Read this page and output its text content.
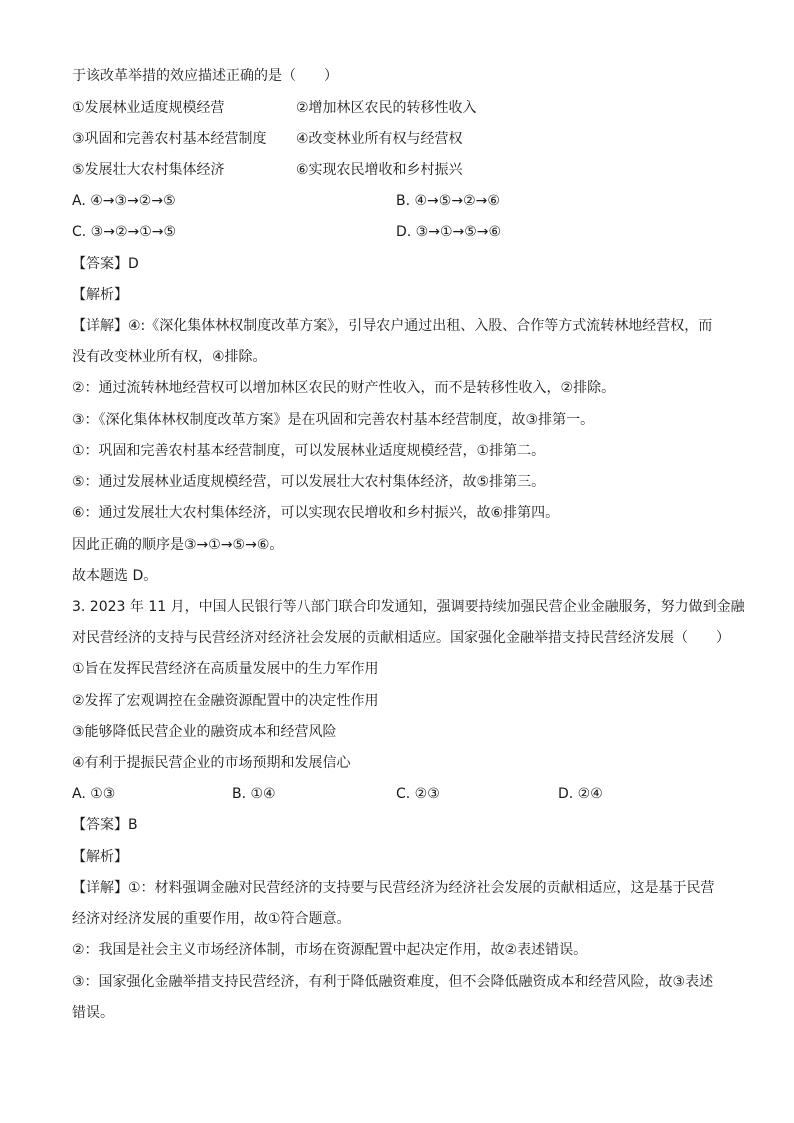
于该改革举措的效应描述正确的是（　　）
①发展林业适度规模经营	②增加林区农民的转移性收入
③巩固和完善农村基本经营制度 ④改变林业所有权与经营权
⑤发展壮大农村集体经济	⑥实现农民增收和乡村振兴
A. ④→③→②→⑤	B. ④→⑤→②→⑥
C. ③→②→①→⑤	D. ③→①→⑤→⑥
【答案】D
【解析】
【详解】④:《深化集体林权制度改革方案》，引导农户通过出租、入股、合作等方式流转林地经营权，而
没有改变林业所有权，④排除。
②：通过流转林地经营权可以增加林区农民的财产性收入，而不是转移性收入，②排除。
③：《深化集体林权制度改革方案》是在巩固和完善农村基本经营制度，故③排第一。
①：巩固和完善农村基本经营制度，可以发展林业适度规模经营，①排第二。
⑤：通过发展林业适度规模经营，可以发展壮大农村集体经济，故⑤排第三。
⑥：通过发展壮大农村集体经济，可以实现农民增收和乡村振兴，故⑥排第四。
因此正确的顺序是③→①→⑤→⑥。
故本题选 D。
3. 2023 年 11 月，中国人民银行等八部门联合印发通知，强调要持续加强民营企业金融服务，努力做到金融
对民营经济的支持与民营经济对经济社会发展的贡献相适应。国家强化金融举措支持民营经济发展（　　）
①旨在发挥民营经济在高质量发展中的生力军作用
②发挥了宏观调控在金融资源配置中的决定性作用
③能够降低民营企业的融资成本和经营风险
④有利于提振民营企业的市场预期和发展信心
A. ①③	B. ①④	C. ②③	D. ②④
【答案】B
【解析】
【详解】①：材料强调金融对民营经济的支持要与民营经济为经济社会发展的贡献相适应，这是基于民营
经济对经济发展的重要作用，故①符合题意。
②：我国是社会主义市场经济体制，市场在资源配置中起决定作用，故②表述错误。
③：国家强化金融举措支持民营经济，有利于降低融资难度，但不会降低融资成本和经营风险，故③表述
错误。
